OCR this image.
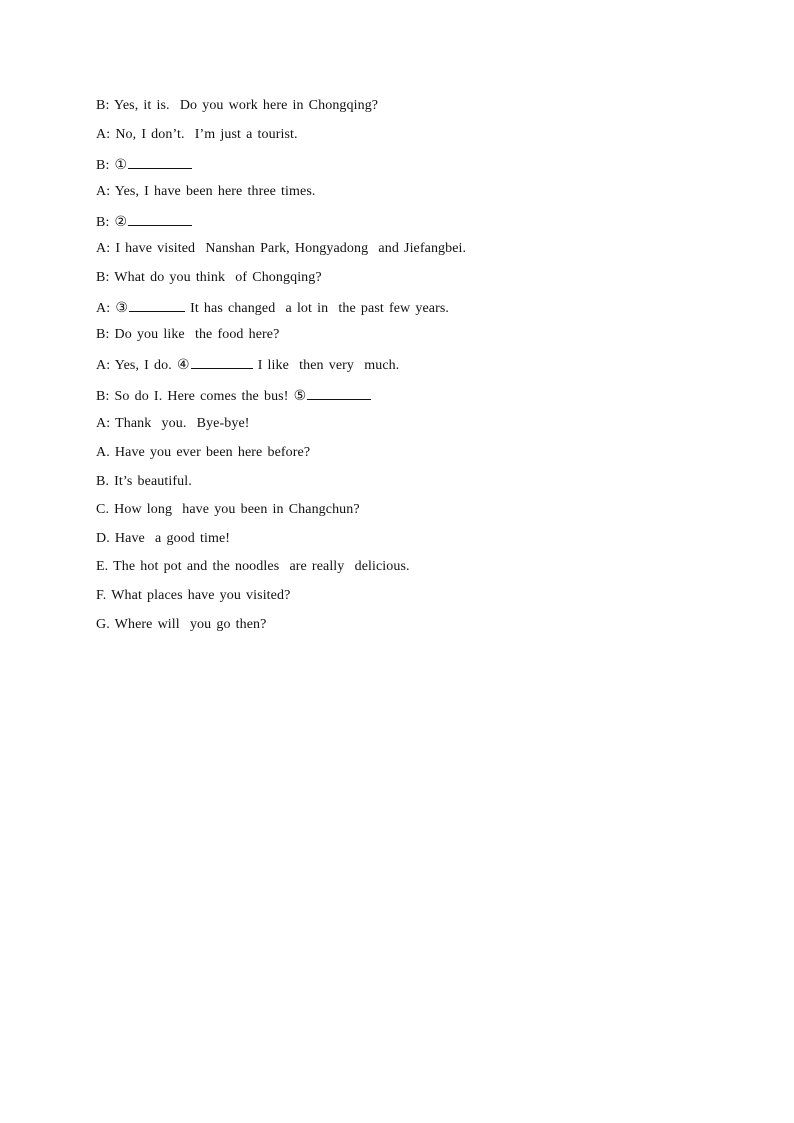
B: Yes, it is.  Do you work here in Chongqing?
A: No, I don’t.  I’m just a tourist.
B: ①
A: Yes, I have been here three times.
B: ②
A: I have visited  Nanshan Park, Hongyadong  and Jiefangbei.
B: What do you think  of Chongqing?
A: ③	It has changed  a lot in  the past few years.
B: Do you like  the food here?
A: Yes, I do. ④	I like  then very  much.
B: So do I. Here comes the bus! ⑤
A: Thank  you.  Bye-bye!
A. Have you ever been here before?
B. It’s beautiful.
C. How long  have you been in Changchun?
D. Have  a good time!
E. The hot pot and the noodles  are really  delicious.
F. What places have you visited?
G. Where will  you go then?
